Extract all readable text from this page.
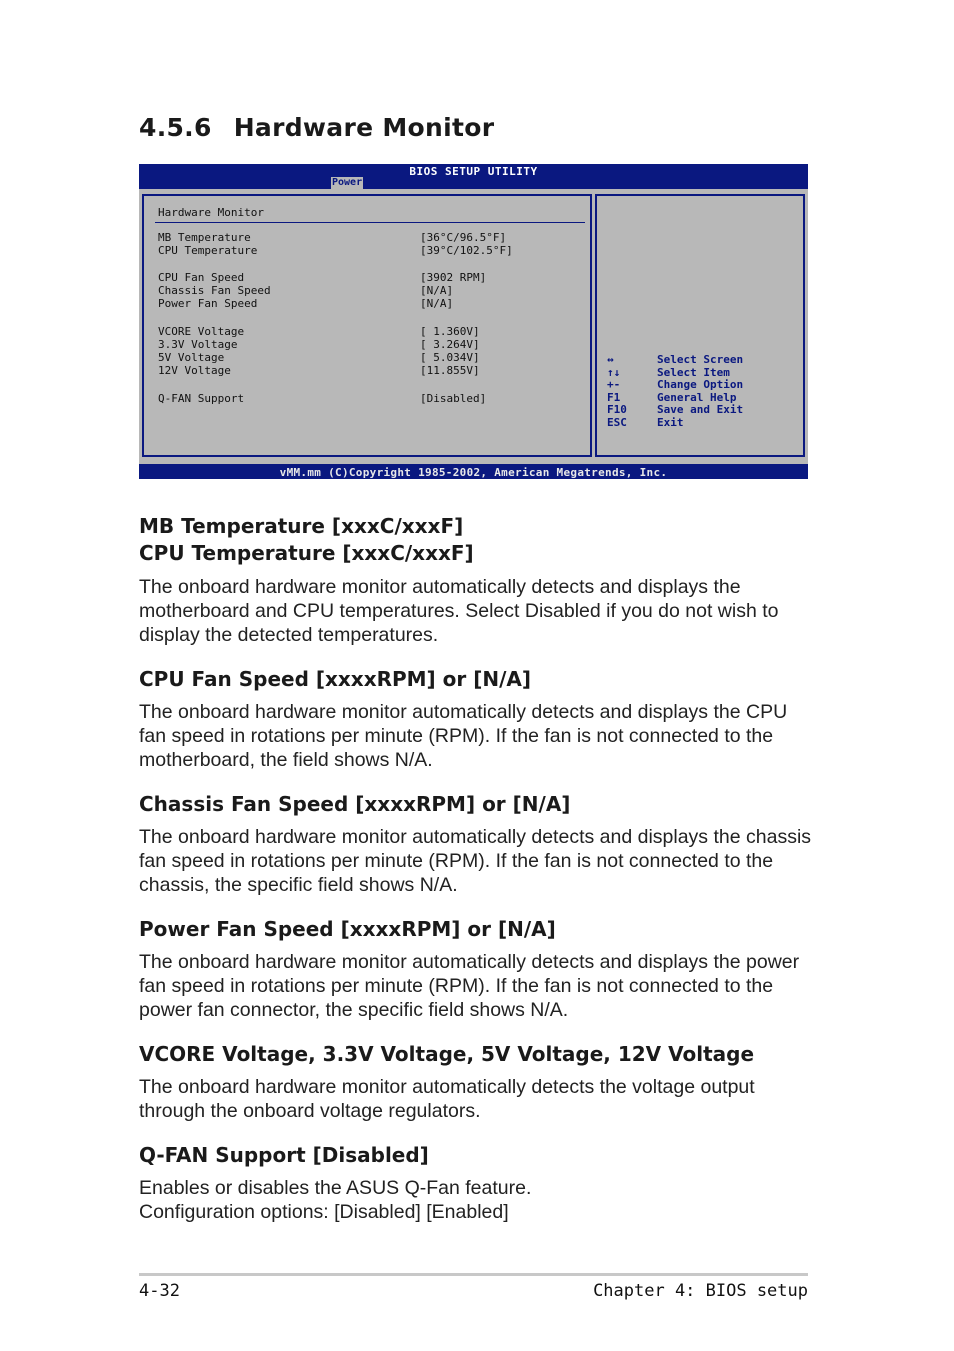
4.5.6 Hardware Monitor
BIOS SETUP UTILITY
Power
Hardware Monitor
MB Temperature	[36°C/96.5°F]
CPU Temperature	[39°C/102.5°F]
CPU Fan Speed	[3902 RPM]
Chassis Fan Speed	[N/A]
Power Fan Speed	[N/A]
VCORE Voltage	[ 1.360V]
3.3V Voltage	[ 3.264V]
5V Voltage	[ 5.034V]
12V Voltage	[11.855V]
Q-FAN Support	[Disabled]
↔	Select Screen
↑↓	Select Item
+-	Change Option
F1	General Help
F10	Save and Exit
ESC	Exit
vMM.mm (C)Copyright 1985-2002, American Megatrends, Inc.
MB Temperature [xxxC/xxxF]
CPU Temperature [xxxC/xxxF]
The onboard hardware monitor automatically detects and displays the motherboard and CPU temperatures. Select Disabled if you do not wish to display the detected temperatures.
CPU Fan Speed [xxxxRPM] or [N/A]
The onboard hardware monitor automatically detects and displays the CPU fan speed in rotations per minute (RPM). If the fan is not connected to the motherboard, the field shows N/A.
Chassis Fan Speed [xxxxRPM] or [N/A]
The onboard hardware monitor automatically detects and displays the chassis fan speed in rotations per minute (RPM). If the fan is not connected to the chassis, the specific field shows N/A.
Power Fan Speed [xxxxRPM] or [N/A]
The onboard hardware monitor automatically detects and displays the power fan speed in rotations per minute (RPM). If the fan is not connected to the power fan connector, the specific field shows N/A.
VCORE Voltage, 3.3V Voltage, 5V Voltage, 12V Voltage
The onboard hardware monitor automatically detects the voltage output through the onboard voltage regulators.
Q-FAN Support [Disabled]
Enables or disables the ASUS Q-Fan feature.
Configuration options: [Disabled] [Enabled]
4-32	Chapter 4: BIOS setup
